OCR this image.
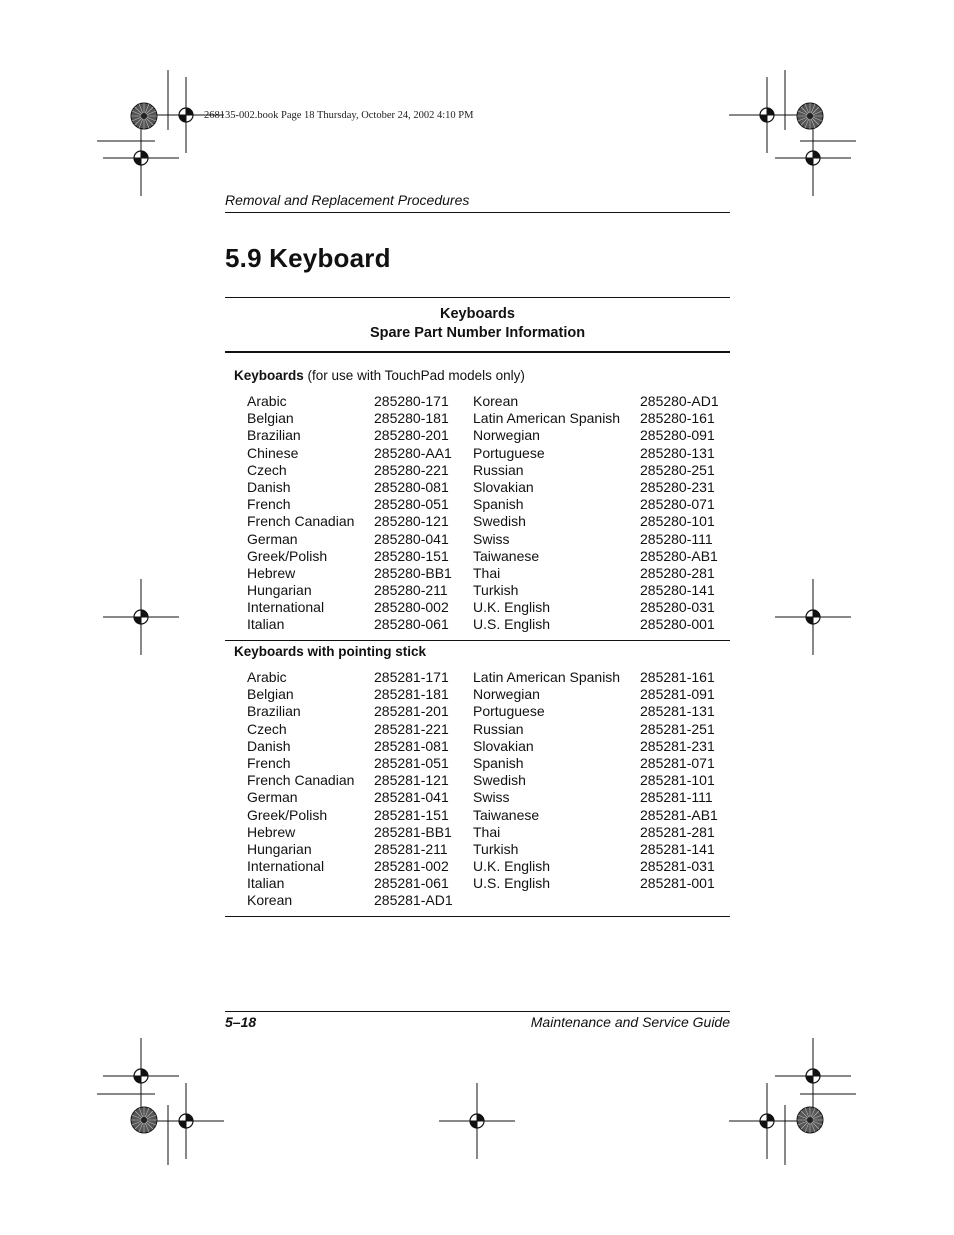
268135-002.book Page 18 Thursday, October 24, 2002 4:10 PM
Removal and Replacement Procedures
5.9 Keyboard
Keyboards
Spare Part Number Information
Keyboards (for use with TouchPad models only)
Arabic	285280-171 Korean	285280-AD1
Belgian	285280-181 Latin American Spanish 285280-161
Brazilian	285280-201 Norwegian	285280-091
Chinese	285280-AA1 Portuguese	285280-131
Czech	285280-221 Russian	285280-251
Danish	285280-081 Slovakian	285280-231
French	285280-051 Spanish	285280-071
French Canadian 285280-121 Swedish	285280-101
German	285280-041 Swiss	285280-111
Greek/Polish	285280-151 Taiwanese	285280-AB1
Hebrew	285280-BB1 Thai	285280-281
Hungarian	285280-211 Turkish	285280-141
International	285280-002 U.K. English	285280-031
Italian	285280-061 U.S. English	285280-001
Keyboards with pointing stick
Arabic	285281-171 Latin American Spanish 285281-161
Belgian	285281-181 Norwegian	285281-091
Brazilian	285281-201 Portuguese	285281-131
Czech	285281-221 Russian	285281-251
Danish	285281-081 Slovakian	285281-231
French	285281-051 Spanish	285281-071
French Canadian 285281-121 Swedish	285281-101
German	285281-041 Swiss	285281-111
Greek/Polish	285281-151 Taiwanese	285281-AB1
Hebrew	285281-BB1 Thai	285281-281
Hungarian	285281-211 Turkish	285281-141
International	285281-002 U.K. English	285281-031
Italian	285281-061 U.S. English	285281-001
Korean	285281-AD1
5–18	Maintenance and Service Guide
